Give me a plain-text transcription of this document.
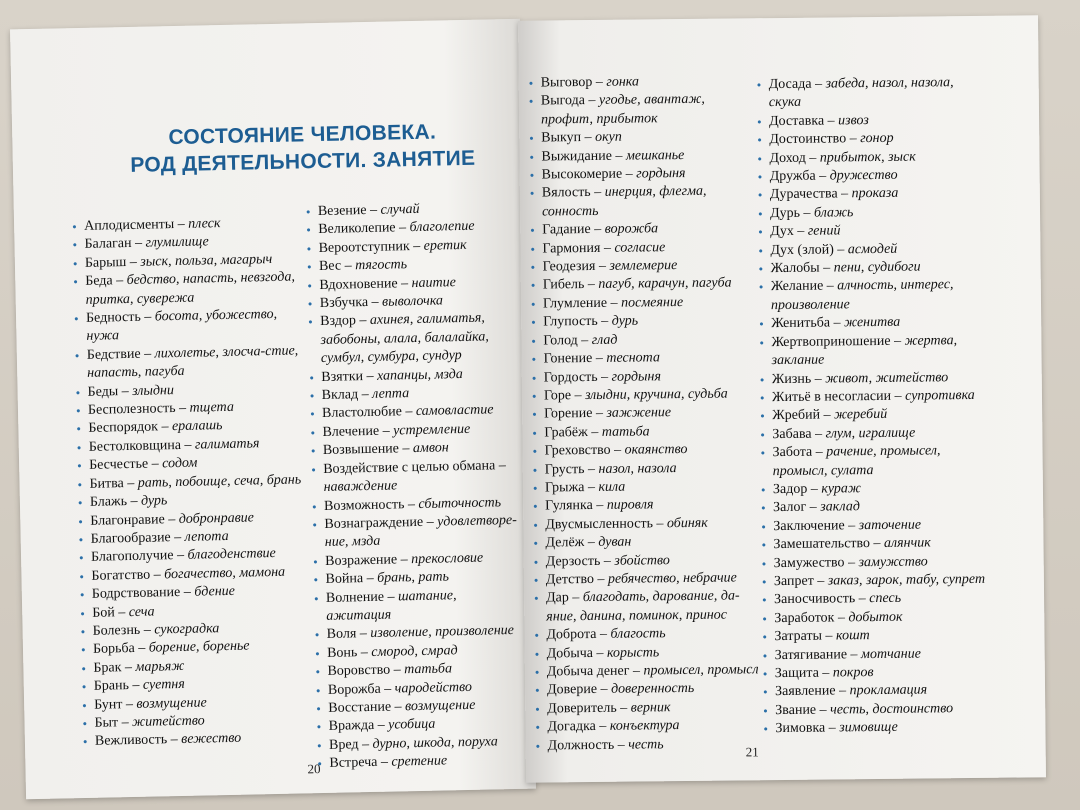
СОСТОЯНИЕ ЧЕЛОВЕКА.
РОД ДЕЯТЕЛЬНОСТИ. ЗАНЯТИЕ

• Аплодисменты – плеск

• Балаган – глумилище

• Барыш – зыск, польза, магарыч

• Беда – бедство, напасть, невзгода, притка, сувережа

• Бедность – босота, убожество, нужа

• Бедствие – лихолетье, злосча-стие, напасть, пагуба

• Беды – злыдни

• Бесполезность – тщета

• Беспорядок – ералашь

• Бестолковщина – галиматья

• Бесчестье – содом

• Битва – рать, побоище, сеча, брань

• Блажь – дурь

• Благонравие – добронравие

• Благообразие – лепота

• Благополучие – благоденствие

• Богатство – богачество, мамона

• Бодрствование – бдение

• Бой – сеча

• Болезнь – сукоградка

• Борьба – борение, бореньe

• Брак – марьяж

• Брань – суетня

• Бунт – возмущение

• Быт – житейство

• Вежливость – вежество

• Везение – случай

• Великолепие – благолепие

• Вероотступник – еретик

• Вес – тягость

• Вдохновение – наитие

• Взбучка – выволочка

• Вздор – ахинея, галиматья, забобоны, алала, балалайка, сумбул, сумбура, сундур

• Взятки – хапанцы, мзда

• Вклад – лепта

• Властолюбие – самовластие

• Влечение – устремление

• Возвышение – амвон

• Воздействие с целью обмана – наваждение

• Возможность – сбыточность

• Вознаграждение – удовлетворе-ние, мзда

• Возражение – прекословие

• Война – брань, рать

• Волнение – шатание, ажитация

• Воля – изволение, произволение

• Вонь – смород, смрад

• Воровство – татьба

• Ворожба – чародейство

• Восстание – возмущение

• Вражда – усобица

• Вред – дурно, шкода, поруха

• Встреча – сретение

20

• Выговор – гонка

• Выгода – угодье, авантаж, профит, прибыток

• Выкуп – окуп

• Выжидание – мешканье

• Высокомерие – гордыня

• Вялость – инерция, флегма, сонность

• Гадание – ворожба

• Гармония – согласие

• Геодезия – землемерие

• Гибель – пагуб, карачун, пагуба

• Глумление – посмеяние

• Глупость – дурь

• Голод – глад

• Гонение – теснота

• Гордость – гордыня

• Горе – злыдни, кручина, судьба

• Горение – зажжение

• Грабёж – татьба

• Греховство – окаянство

• Грусть – назол, назола

• Грыжа – кила

• Гулянка – пировля

• Двусмысленность – обиняк

• Делёж – дуван

• Дерзость – збойство

• Детство – ребячество, небрачие

• Дар – благодать, дарование, да-яние, данина, поминок, принос

• Доброта – благость

• Добыча – корысть

• Добыча денег – промысел, промысл

• Доверие – доверенность

• Доверитель – верник

• Догадка – конъектура

• Должность – честь

• Досада – забеда, назол, назола, скука

• Доставка – извоз

• Достоинство – гонор

• Доход – прибыток, зыск

• Дружба – дружество

• Дурачества – проказа

• Дурь – блажь

• Дух – гений

• Дух (злой) – асмодей

• Жалобы – пени, судибоги

• Желание – алчность, интерес, произволение

• Женитьба – женитва

• Жертвоприношение – жертва, заклание

• Жизнь – живот, житейство

• Житьё в несогласии – супротивка

• Жребий – жеребий

• Забава – глум, игралище

• Забота – рачение, промысел, промысл, сулата

• Задор – кураж

• Залог – заклад

• Заключение – заточение

• Замешательство – алянчик

• Замужество – замужство

• Запрет – заказ, зарок, табу, супрет

• Заносчивость – спесь

• Заработок – добыток

• Затраты – кошт

• Затягивание – мотчание

• Защита – покров

• Заявление – прокламация

• Звание – честь, достоинство

• Зимовка – зимовище

21
